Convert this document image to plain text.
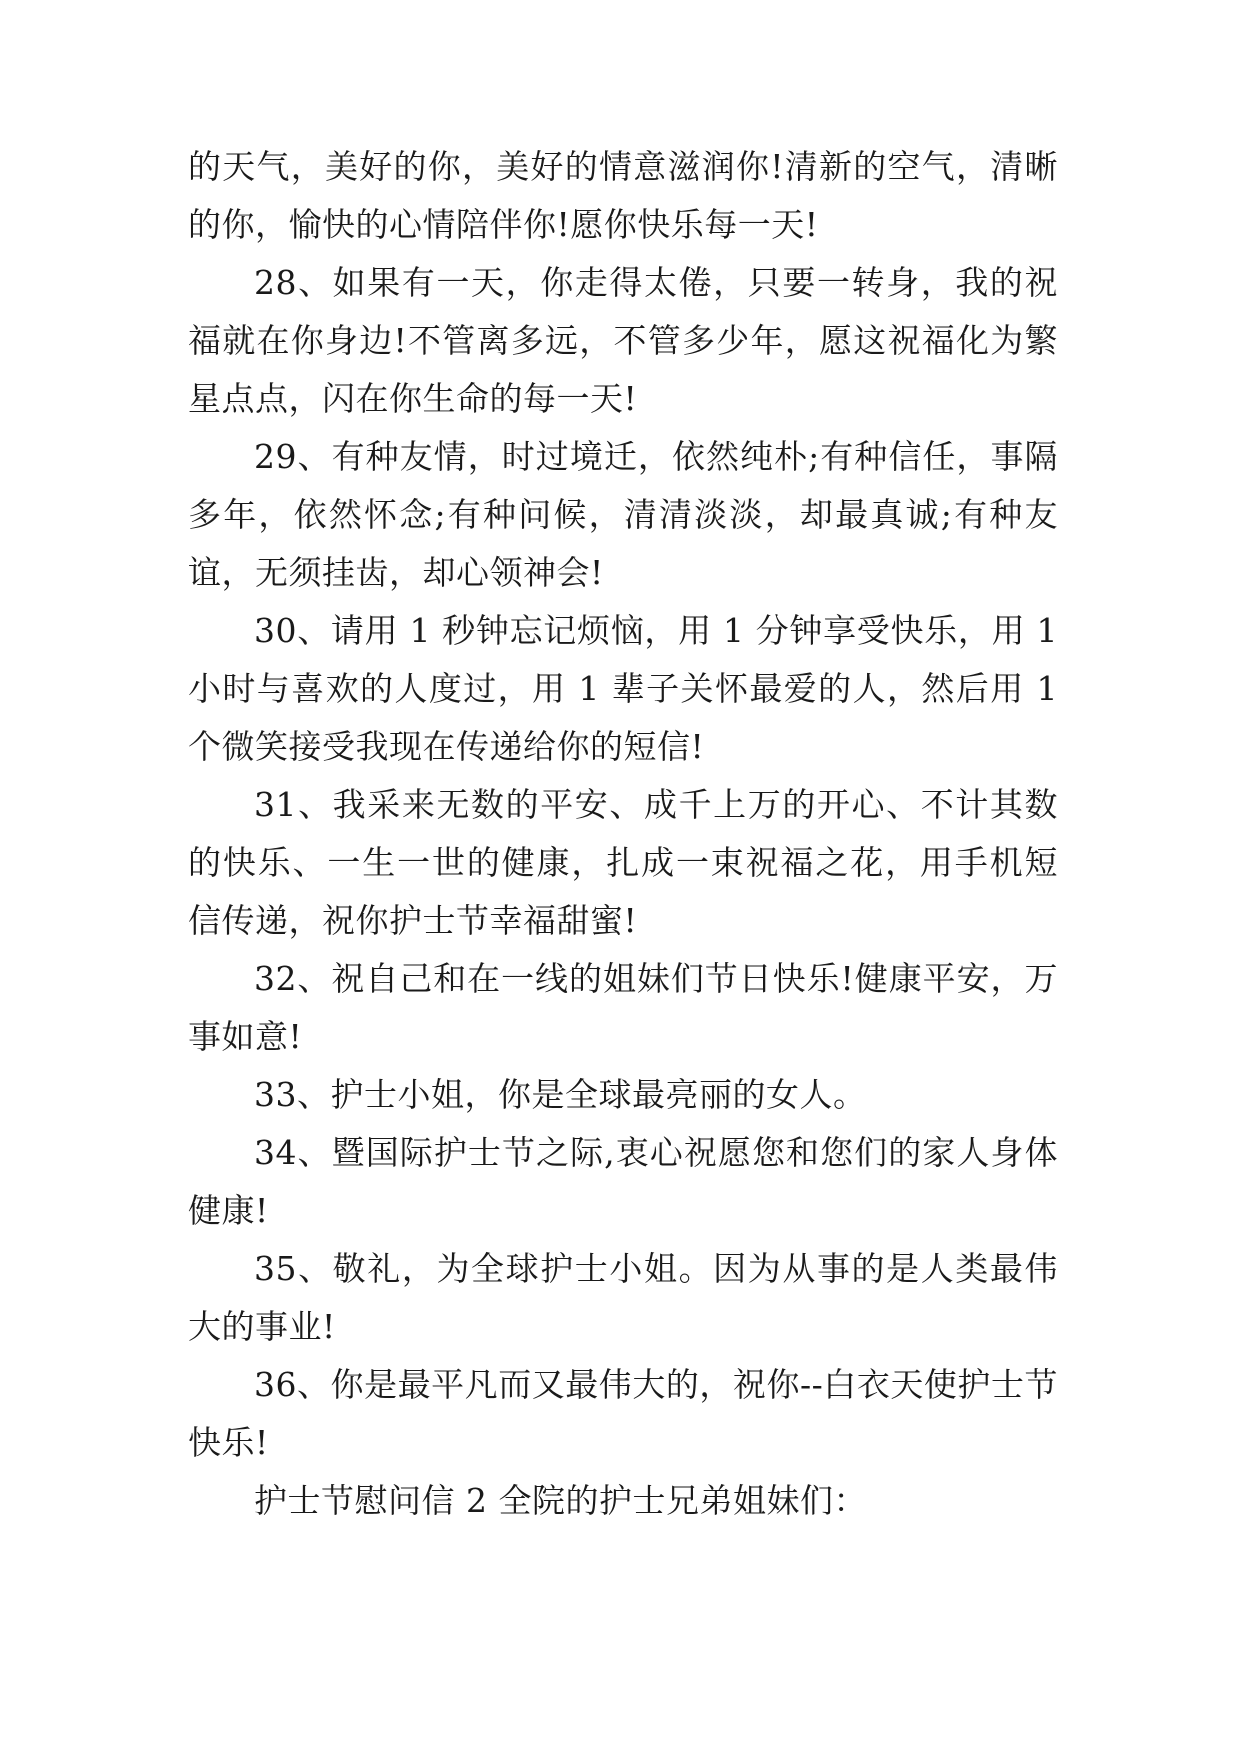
的天气，美好的你，美好的情意滋润你!清新的空气，清晰的你，愉快的心情陪伴你!愿你快乐每一天!

28、如果有一天，你走得太倦，只要一转身，我的祝福就在你身边!不管离多远，不管多少年，愿这祝福化为繁星点点，闪在你生命的每一天!

29、有种友情，时过境迁，依然纯朴;有种信任，事隔多年，依然怀念;有种问候，清清淡淡，却最真诚;有种友谊，无须挂齿，却心领神会!

30、请用 1 秒钟忘记烦恼，用 1 分钟享受快乐，用 1 小时与喜欢的人度过，用 1 辈子关怀最爱的人，然后用 1 个微笑接受我现在传递给你的短信!

31、我采来无数的平安、成千上万的开心、不计其数的快乐、一生一世的健康，扎成一束祝福之花，用手机短信传递，祝你护士节幸福甜蜜!

32、祝自己和在一线的姐妹们节日快乐!健康平安，万事如意!

33、护士小姐，你是全球最亮丽的女人。

34、暨国际护士节之际,衷心祝愿您和您们的家人身体健康!

35、敬礼，为全球护士小姐。因为从事的是人类最伟大的事业!

36、你是最平凡而又最伟大的，祝你--白衣天使护士节快乐!

护士节慰问信 2 全院的护士兄弟姐妹们：
